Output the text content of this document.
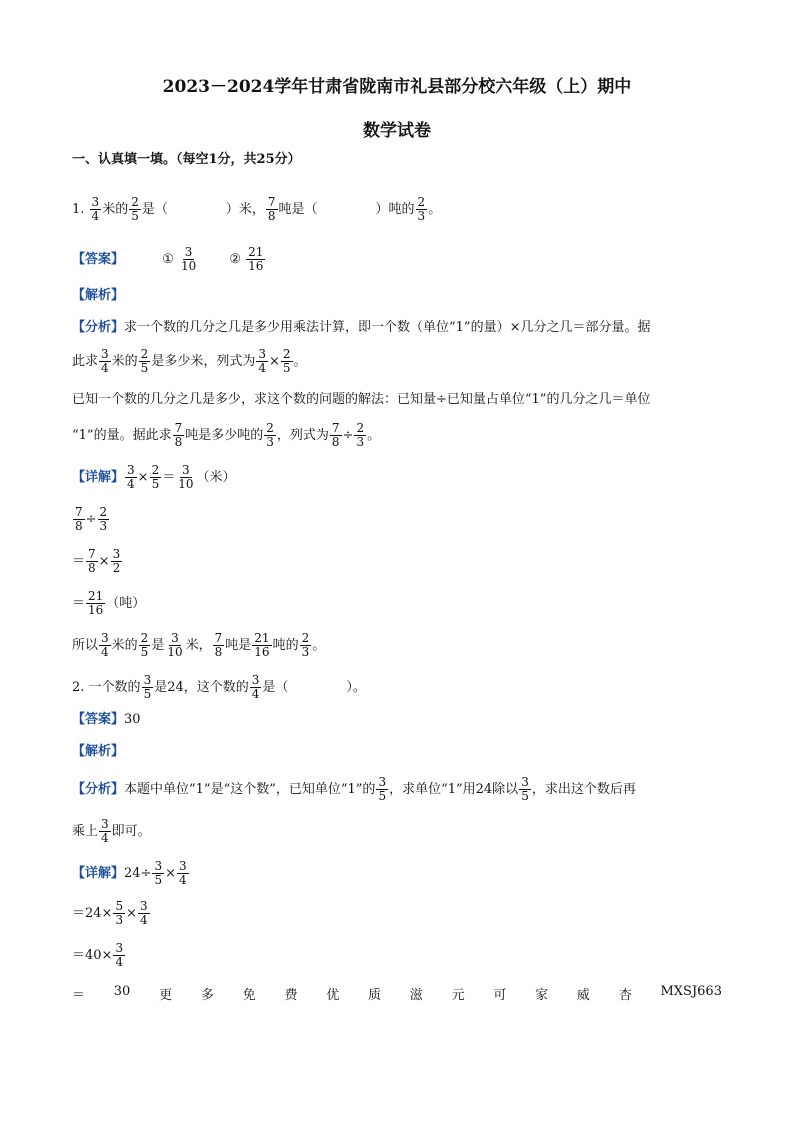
2023－2024学年甘肃省陇南市礼县部分校六年级（上）期中
数学试卷
一、认真填一填。（每空1分，共25分）
1. $\frac{3}{4}$ 米的 $\frac{2}{5}$ 是（	）米， $\frac{7}{8}$ 吨是（	）吨的 $\frac{2}{3}$ 。
【答案】	① $\frac{3}{10}$ ② $\frac{21}{16}$
【解析】
【分析】求一个数的几分之几是多少用乘法计算，即一个数（单位“1”的量）×几分之几＝部分量。据
此求 $\frac{3}{4}$ 米的 $\frac{2}{5}$ 是多少米，列式为 $\frac{3}{4} \times \frac{2}{5}$ 。
已知一个数的几分之几是多少，求这个数的问题的解法：已知量÷已知量占单位“1”的几分之几＝单位
“1”的量。据此求 $\frac{7}{8}$ 吨是多少吨的 $\frac{2}{3}$ ，列式为 $\frac{7}{8} \div \frac{2}{3}$ 。
【详解】 $\frac{3}{4} \times \frac{2}{5} = \frac{3}{10}$ （米）
$\frac{7}{8} \div \frac{2}{3}$
＝ $\frac{7}{8} \times \frac{3}{2}$
＝ $\frac{21}{16}$ （吨）
所以 $\frac{3}{4}$ 米的 $\frac{2}{5}$ 是 $\frac{3}{10}$ 米， $\frac{7}{8}$ 吨是 $\frac{21}{16}$ 吨的 $\frac{2}{3}$ 。
2. 一个数的 $\frac{3}{5}$ 是24，这个数的 $\frac{3}{4}$ 是（	）。
【答案】30
【解析】
【分析】本题中单位“1”是“这个数”，已知单位“1”的 $\frac{3}{5}$ ，求单位“1”用24除以 $\frac{3}{5}$ ，求出这个数后再
乘上 $\frac{3}{4}$ 即可。
【详解】$24\div \frac{3}{5} \times \frac{3}{4}$
$=24\times \frac{5}{3} \times \frac{3}{4}$
$=40\times \frac{3}{4}$
＝ 30 更 多 免 费 优 质 滋 元 可 家 威 杏 MXSJ663
